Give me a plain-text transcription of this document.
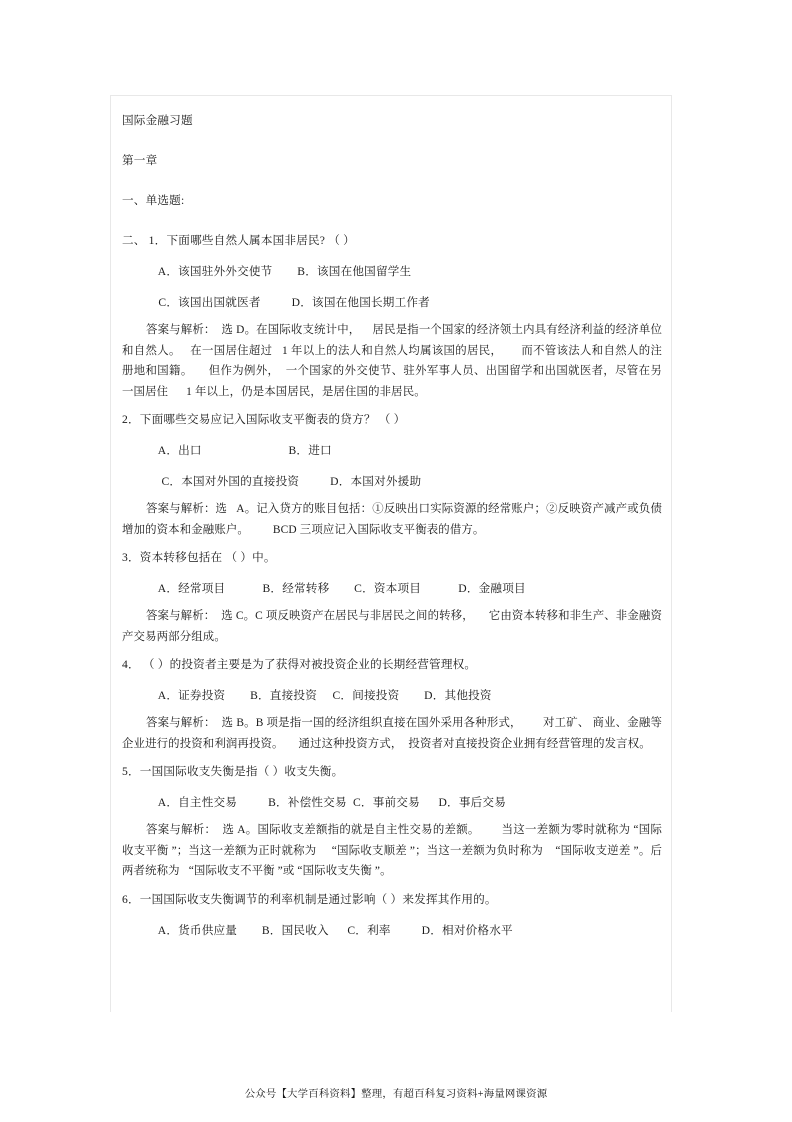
国际金融习题
第一章
一、单选题:
二、 1．下面哪些自然人属本国非居民? （ ）
A．该国驻外外交使节        B．该国在他国留学生
C．该国出国就医者          D．该国在他国长期工作者
答案与解析：  选 D。在国际收支统计中，    居民是指一个国家的经济领土内具有经济利益的经济单位和自然人。   在一国居住超过   1 年以上的法人和自然人均属该国的居民，      而不管该法人和自然人的注册地和国籍。     但作为例外，  一个国家的外交使节、驻外军事人员、出国留学和出国就医者，尽管在另一国居住      1 年以上，仍是本国居民，是居住国的非居民。
2．下面哪些交易应记入国际收支平衡表的贷方？ （ ）
A．出口                            B．进口
C．本国对外国的直接投资          D．本国对外援助
答案与解析：选   A。记入贷方的账目包括：①反映出口实际资源的经常账户；②反映资产减产或负债增加的资本和金融账户。        BCD 三项应记入国际收支平衡表的借方。
3．资本转移包括在 （ ）中。
A．经常项目            B．经常转移        C．资本项目            D．金融项目
答案与解析：  选 C。C 项反映资产在居民与非居民之间的转移，     它由资本转移和非生产、非金融资产交易两部分组成。
4． （ ）的投资者主要是为了获得对被投资企业的长期经营管理权。
A．证券投资        B．直接投资     C．间接投资        D．其他投资
答案与解析：  选 B。B 项是指一国的经济组织直接在国外采用各种形式，       对工矿、 商业、金融等企业进行的投资和利润再投资。     通过这种投资方式，  投资者对直接投资企业拥有经营管理的发言权。
5．一国国际收支失衡是指（ ）收支失衡。
A．自主性交易          B．补偿性交易  C．事前交易      D．事后交易
答案与解析：  选 A。国际收支差额指的就是自主性交易的差额。       当这一差额为零时就称为 “国际收支平衡 ”；当这一差额为正时就称为     “国际收支顺差 ”；当这一差额为负时称为    “国际收支逆差 ”。后两者统称为   “国际收支不平衡 ”或 “国际收支失衡 ”。
6．一国国际收支失衡调节的利率机制是通过影响（ ）来发挥其作用的。
A．货币供应量        B．国民收入      C．利率          D．相对价格水平
公众号【大学百科资料】整理，有超百科复习资料+海量网课资源
